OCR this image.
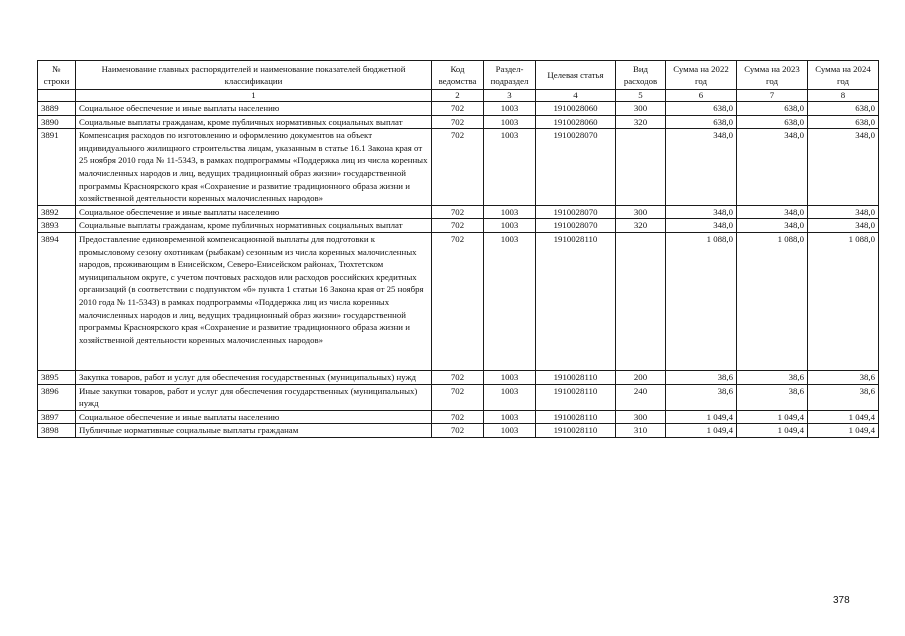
№ строки	Наименование главных распорядителей и наименование показателей бюджетной классификации	Код ведомства	Раздел-подраздел	Целевая статья	Вид расходов	Сумма на 2022 год	Сумма на 2023 год	Сумма на 2024 год
	1	2	3	4	5	6	7	8
3889	Социальное обеспечение и иные выплаты населению	702	1003	1910028060	300	638,0	638,0	638,0
3890	Социальные выплаты гражданам, кроме публичных нормативных социальных выплат	702	1003	1910028060	320	638,0	638,0	638,0
3891	Компенсация расходов по изготовлению и оформлению документов на объект индивидуального жилищного строительства лицам, указанным в статье 16.1 Закона края от 25 ноября 2010 года № 11-5343, в рамках подпрограммы «Поддержка лиц из числа коренных малочисленных народов и лиц, ведущих традиционный образ жизни» государственной программы Красноярского края «Сохранение и развитие традиционного образа жизни и хозяйственной деятельности коренных малочисленных народов»	702	1003	1910028070		348,0	348,0	348,0
3892	Социальное обеспечение и иные выплаты населению	702	1003	1910028070	300	348,0	348,0	348,0
3893	Социальные выплаты гражданам, кроме публичных нормативных социальных выплат	702	1003	1910028070	320	348,0	348,0	348,0
3894	Предоставление единовременной компенсационной выплаты для подготовки к промысловому сезону охотникам (рыбакам) сезонным из числа коренных малочисленных народов, проживающим в Енисейском, Северо-Енисейском районах, Тюхтетском муниципальном округе, с учетом почтовых расходов или расходов российских кредитных организаций (в соответствии с подпунктом «б» пункта 1 статьи 16 Закона края от 25 ноября 2010 года № 11-5343) в рамках подпрограммы «Поддержка лиц из числа коренных малочисленных народов и лиц, ведущих традиционный образ жизни» государственной программы Красноярского края «Сохранение и развитие традиционного образа жизни и хозяйственной деятельности коренных малочисленных народов»	702	1003	1910028110		1 088,0	1 088,0	1 088,0
3895	Закупка товаров, работ и услуг для обеспечения государственных (муниципальных) нужд	702	1003	1910028110	200	38,6	38,6	38,6
3896	Иные закупки товаров, работ и услуг для обеспечения государственных (муниципальных) нужд	702	1003	1910028110	240	38,6	38,6	38,6
3897	Социальное обеспечение и иные выплаты населению	702	1003	1910028110	300	1 049,4	1 049,4	1 049,4
3898	Публичные нормативные социальные выплаты гражданам	702	1003	1910028110	310	1 049,4	1 049,4	1 049,4
378
